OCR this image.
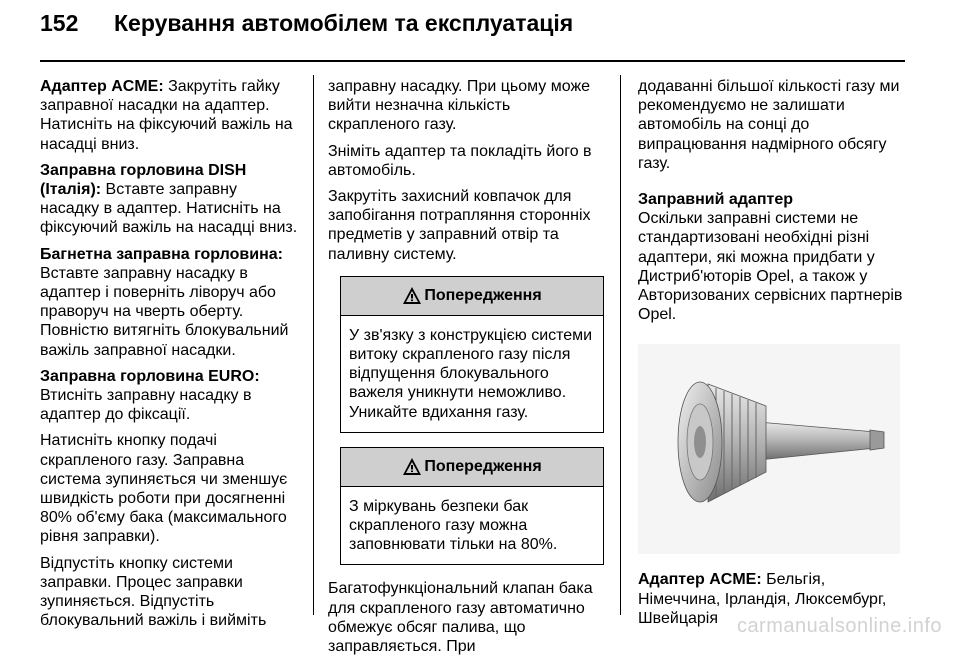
152 Керування автомобілем та експлуатація

Адаптер ACME: Закрутіть гайку заправної насадки на адаптер. Натисніть на фіксуючий важіль на насадці вниз.

Заправна горловина DISH (Італія): Вставте заправну насадку в адаптер. Натисніть на фіксуючий важіль на насадці вниз.

Багнетна заправна горловина: Вставте заправну насадку в адаптер і поверніть ліворуч або праворуч на чверть оберту. Повністю витягніть блокувальний важіль заправної насадки.

Заправна горловина EURO: Втисніть заправну насадку в адаптер до фіксації.

Натисніть кнопку подачі скрапленого газу. Заправна система зупиняється чи зменшує швидкість роботи при досягненні 80% об'єму бака (максимального рівня заправки).

Відпустіть кнопку системи заправки. Процес заправки зупиняється. Відпустіть блокувальний важіль і вийміть

заправну насадку. При цьому може вийти незначна кількість скрапленого газу.

Зніміть адаптер та покладіть його в автомобіль.

Закрутіть захисний ковпачок для запобігання потрапляння сторонніх предметів у заправний отвір та паливну систему.

Попередження
У зв'язку з конструкцією системи витоку скрапленого газу після відпущення блокувального важеля уникнути неможливо. Уникайте вдихання газу.
Попередження
З міркувань безпеки бак скрапленого газу можна заповнювати тільки на 80%.

Багатофункціональний клапан бака для скрапленого газу автоматично обмежує обсяг палива, що заправляється. При

додаванні більшої кількості газу ми рекомендуємо не залишати автомобіль на сонці до випрацювання надмірного обсягу газу.

Заправний адаптер

Оскільки заправні системи не стандартизовані необхідні різні адаптери, які можна придбати у Дистриб'юторів Opel, а також у Авторизованих сервісних партнерів Opel.

Адаптер ACME: Бельгія, Німеччина, Ірландія, Люксембург, Швейцарія carmanualsonline.info
